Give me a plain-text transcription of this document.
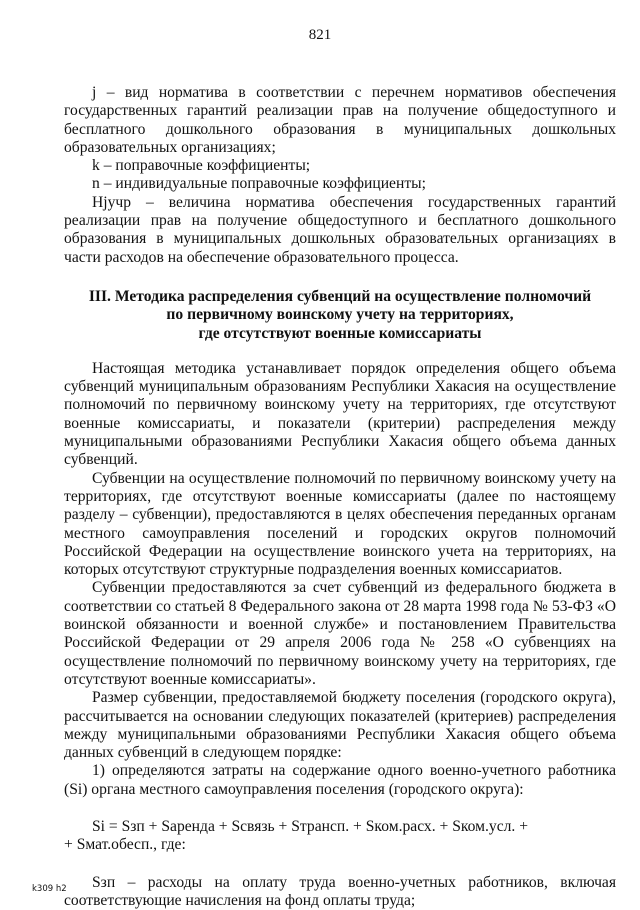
821

j – вид норматива в соответствии с перечнем нормативов обеспечения государственных гарантий реализации прав на получение общедоступного и бесплатного дошкольного образования в муниципальных дошкольных образовательных организациях;

k – поправочные коэффициенты;

n – индивидуальные поправочные коэффициенты;

Hjучр – величина норматива обеспечения государственных гарантий реализации прав на получение общедоступного и бесплатного дошкольного образования в муниципальных дошкольных образовательных организациях в части расходов на обеспечение образовательного процесса.

III. Методика распределения субвенций на осуществление полномочий
по первичному воинскому учету на территориях,
где отсутствуют военные комиссариаты

Настоящая методика устанавливает порядок определения общего объема субвенций муниципальным образованиям Республики Хакасия на осуществление полномочий по первичному воинскому учету на территориях, где отсутствуют военные комиссариаты, и показатели (критерии) распределения между муниципальными образованиями Республики Хакасия общего объема данных субвенций.

Субвенции на осуществление полномочий по первичному воинскому учету на территориях, где отсутствуют военные комиссариаты (далее по настоящему разделу – субвенции), предоставляются в целях обеспечения переданных органам местного самоуправления поселений и городских округов полномочий Российской Федерации на осуществление воинского учета на территориях, на которых отсутствуют структурные подразделения военных комиссариатов.

Субвенции предоставляются за счет субвенций из федерального бюджета в соответствии со статьей 8 Федерального закона от 28 марта 1998 года № 53-ФЗ «О воинской обязанности и военной службе» и постановлением Правительства Российской Федерации от 29 апреля 2006 года № 258 «О субвенциях на осуществление полномочий по первичному воинскому учету на территориях, где отсутствуют военные комиссариаты».

Размер субвенции, предоставляемой бюджету поселения (городского округа), рассчитывается на основании следующих показателей (критериев) распределения между муниципальными образованиями Республики Хакасия общего объема данных субвенций в следующем порядке:

1) определяются затраты на содержание одного военно-учетного работника (Si) органа местного самоуправления поселения (городского округа):

Si = Sзп + Sаренда + Sсвязь + Sтрансп. + Sком.расх. + Sком.усл. +

+ Sмат.обесп., где:

Sзп – расходы на оплату труда военно-учетных работников, включая соответствующие начисления на фонд оплаты труда;

k309 h2
